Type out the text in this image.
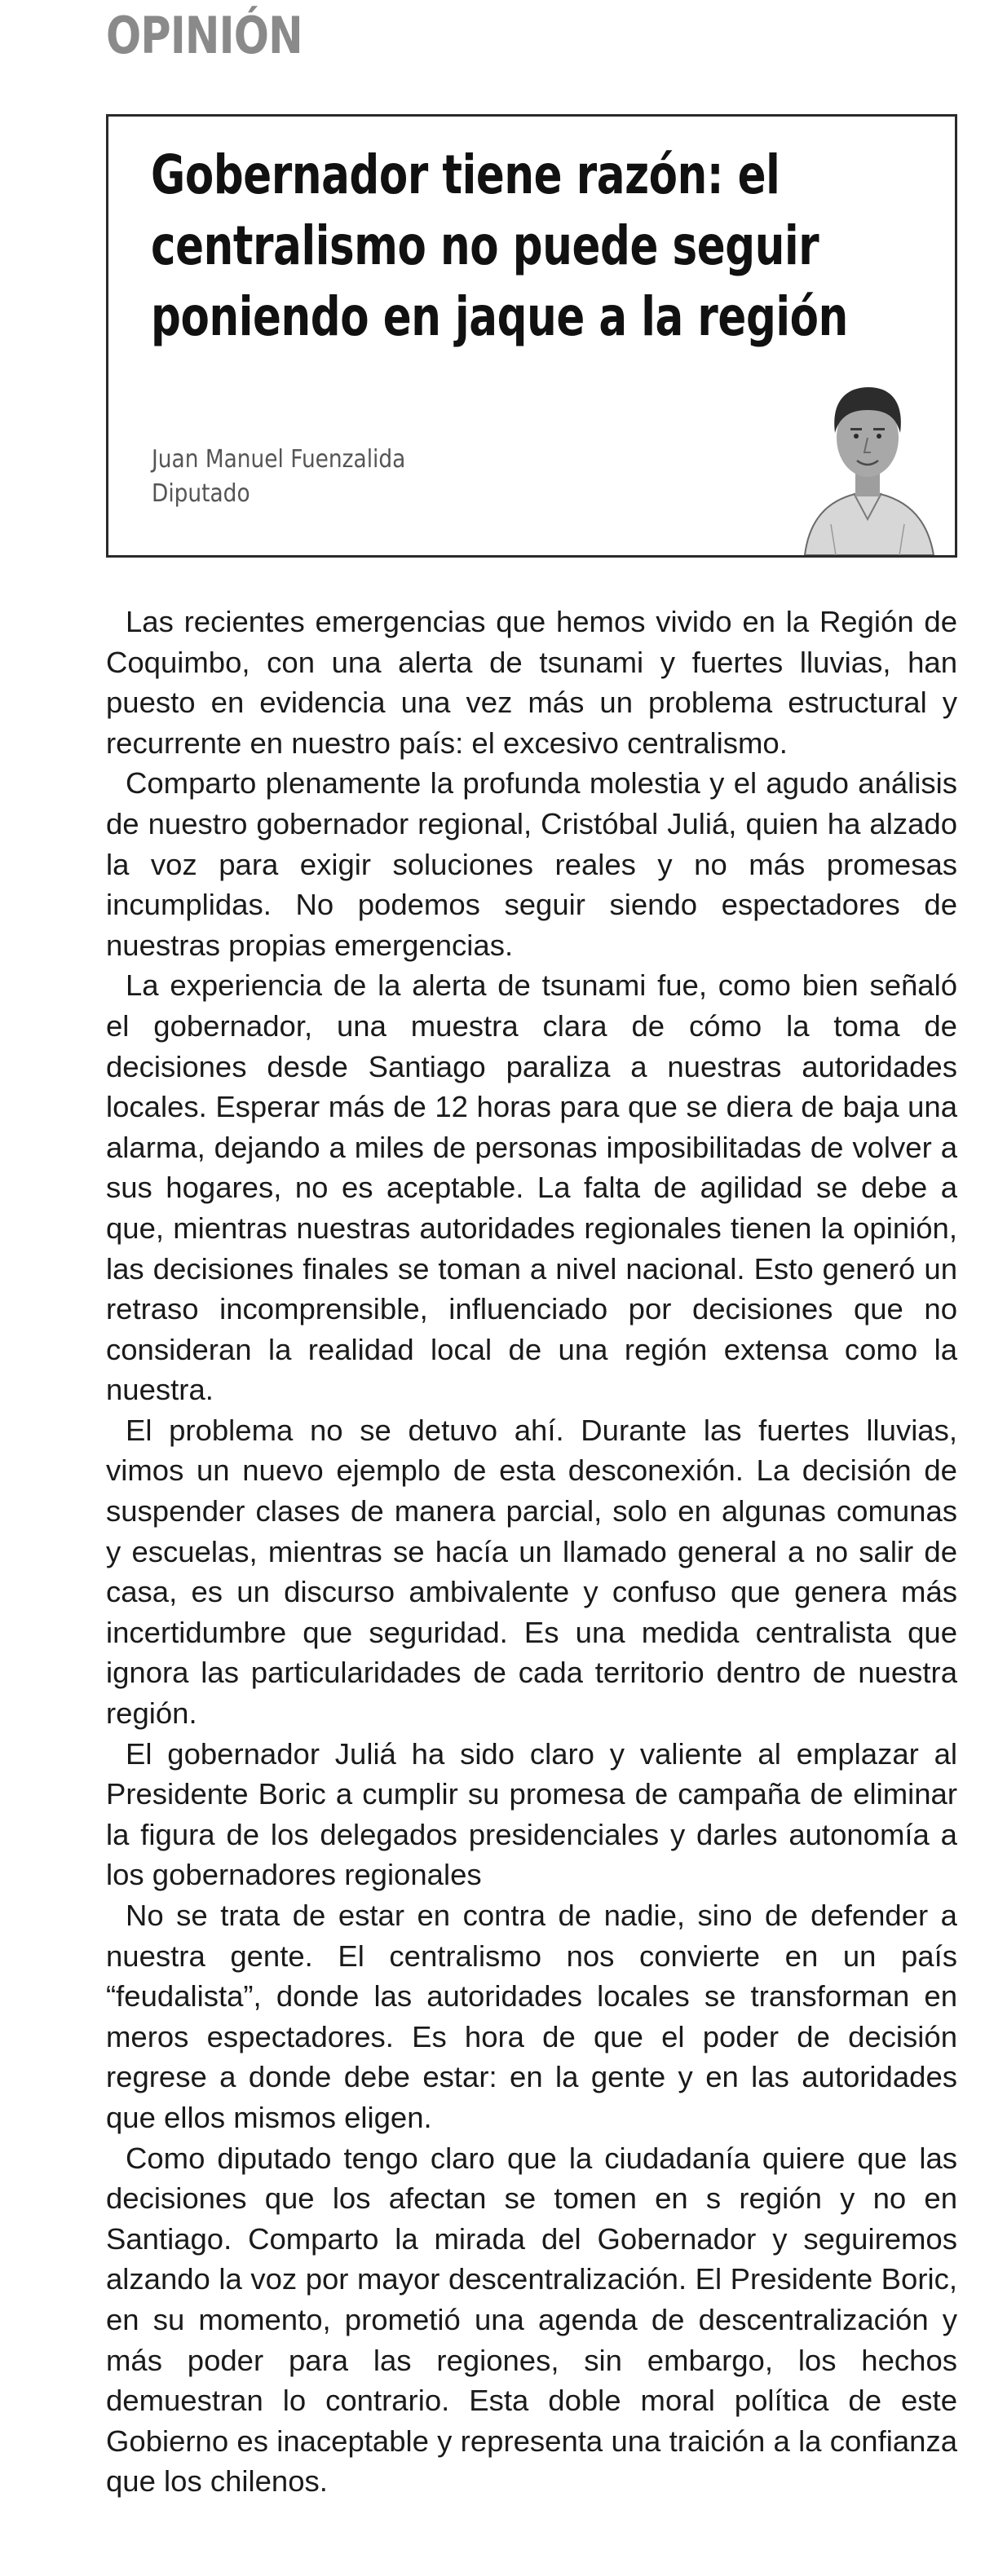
OPINIÓN
Gobernador tiene razón: el centralismo no puede seguir poniendo en jaque a la región
Juan Manuel Fuenzalida
Diputado

Las recientes emergencias que hemos vivido en la Región de Coquimbo, con una alerta de tsunami y fuertes lluvias, han puesto en evidencia una vez más un problema estructural y recurrente en nuestro país: el excesivo centralismo.

Comparto plenamente la profunda molestia y el agudo análisis de nuestro gobernador regional, Cristóbal Juliá, quien ha alzado la voz para exigir soluciones reales y no más promesas incumplidas. No podemos seguir siendo espectadores de nuestras propias emergencias.

La experiencia de la alerta de tsunami fue, como bien señaló el gobernador, una muestra clara de cómo la toma de decisiones desde Santiago paraliza a nuestras autoridades locales. Esperar más de 12 horas para que se diera de baja una alarma, dejando a miles de personas imposibilitadas de volver a sus hogares, no es aceptable. La falta de agilidad se debe a que, mientras nuestras autoridades regionales tienen la opinión, las decisiones finales se toman a nivel nacional. Esto generó un retraso incomprensible, influenciado por decisiones que no consideran la realidad local de una región extensa como la nuestra.

El problema no se detuvo ahí. Durante las fuertes lluvias, vimos un nuevo ejemplo de esta desconexión. La decisión de suspender clases de manera parcial, solo en algunas comunas y escuelas, mientras se hacía un llamado general a no salir de casa, es un discurso ambivalente y confuso que genera más incertidumbre que seguridad. Es una medida centralista que ignora las particularidades de cada territorio dentro de nuestra región.

El gobernador Juliá ha sido claro y valiente al emplazar al Presidente Boric a cumplir su promesa de campaña de eliminar la figura de los delegados presidenciales y darles autonomía a los gobernadores regionales

No se trata de estar en contra de nadie, sino de defender a nuestra gente. El centralismo nos convierte en un país “feudalista”, donde las autoridades locales se transforman en meros espectadores. Es hora de que el poder de decisión regrese a donde debe estar: en la gente y en las autoridades que ellos mismos eligen.

Como diputado tengo claro que la ciudadanía quiere que las decisiones que los afectan se tomen en s región y no en Santiago. Comparto la mirada del Gobernador y seguiremos alzando la voz por mayor descentralización. El Presidente Boric, en su momento, prometió una agenda de descentralización y más poder para las regiones, sin embargo, los hechos demuestran lo contrario. Esta doble moral política de este Gobierno es inaceptable y representa una traición a la confianza que los chilenos.
